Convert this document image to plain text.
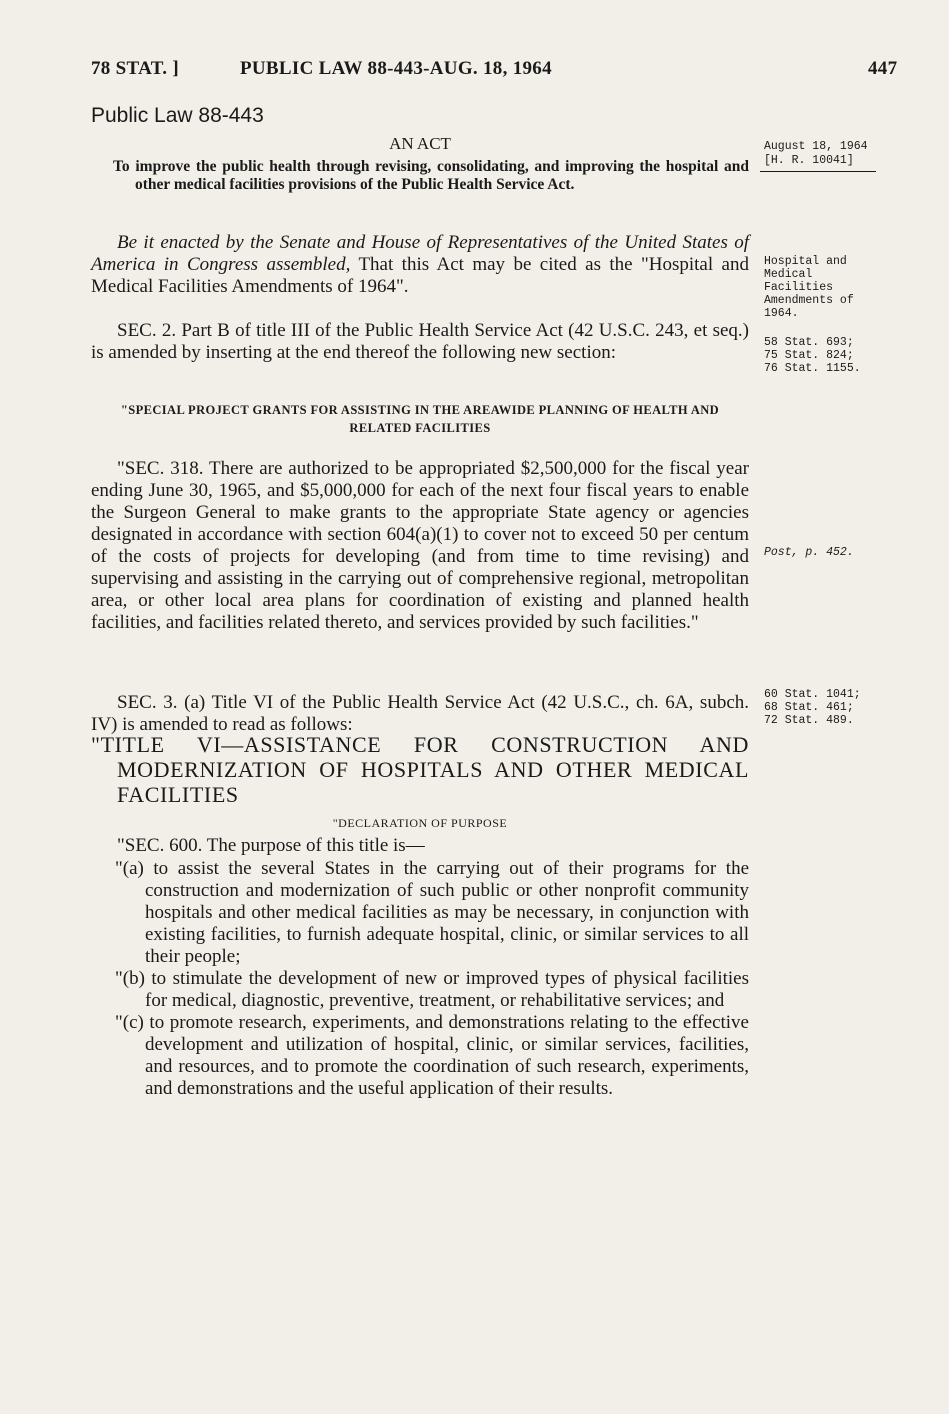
78 STAT. ]	PUBLIC LAW 88-443-AUG. 18, 1964	447
Public Law 88-443
AN ACT

To improve the public health through revising, consolidating, and improving the hospital and other medical facilities provisions of the Public Health Service Act.

Be it enacted by the Senate and House of Representatives of the United States of America in Congress assembled, That this Act may be cited as the "Hospital and Medical Facilities Amendments of 1964".

SEC. 2. Part B of title III of the Public Health Service Act (42 U.S.C. 243, et seq.) is amended by inserting at the end thereof the following new section:

"SPECIAL PROJECT GRANTS FOR ASSISTING IN THE AREAWIDE PLANNING OF HEALTH AND RELATED FACILITIES

"SEC. 318. There are authorized to be appropriated $2,500,000 for the fiscal year ending June 30, 1965, and $5,000,000 for each of the next four fiscal years to enable the Surgeon General to make grants to the appropriate State agency or agencies designated in accordance with section 604(a)(1) to cover not to exceed 50 per centum of the costs of projects for developing (and from time to time revising) and supervising and assisting in the carrying out of comprehensive regional, metropolitan area, or other local area plans for coordination of existing and planned health facilities, and facilities related thereto, and services provided by such facilities."

SEC. 3. (a) Title VI of the Public Health Service Act (42 U.S.C., ch. 6A, subch. IV) is amended to read as follows:

"TITLE VI—ASSISTANCE FOR CONSTRUCTION AND MODERNIZATION OF HOSPITALS AND OTHER MEDICAL FACILITIES

"DECLARATION OF PURPOSE

"SEC. 600. The purpose of this title is—

"(a) to assist the several States in the carrying out of their programs for the construction and modernization of such public or other nonprofit community hospitals and other medical facilities as may be necessary, in conjunction with existing facilities, to furnish adequate hospital, clinic, or similar services to all their people;

"(b) to stimulate the development of new or improved types of physical facilities for medical, diagnostic, preventive, treatment, or rehabilitative services; and

"(c) to promote research, experiments, and demonstrations relating to the effective development and utilization of hospital, clinic, or similar services, facilities, and resources, and to promote the coordination of such research, experiments, and demonstrations and the useful application of their results.

August 18, 1964
[H. R. 10041]
Hospital and Medical Facilities Amendments of 1964.
58 Stat. 693;
75 Stat. 824;
76 Stat. 1155.
Post, p. 452.
60 Stat. 1041;
68 Stat. 461;
72 Stat. 489.
